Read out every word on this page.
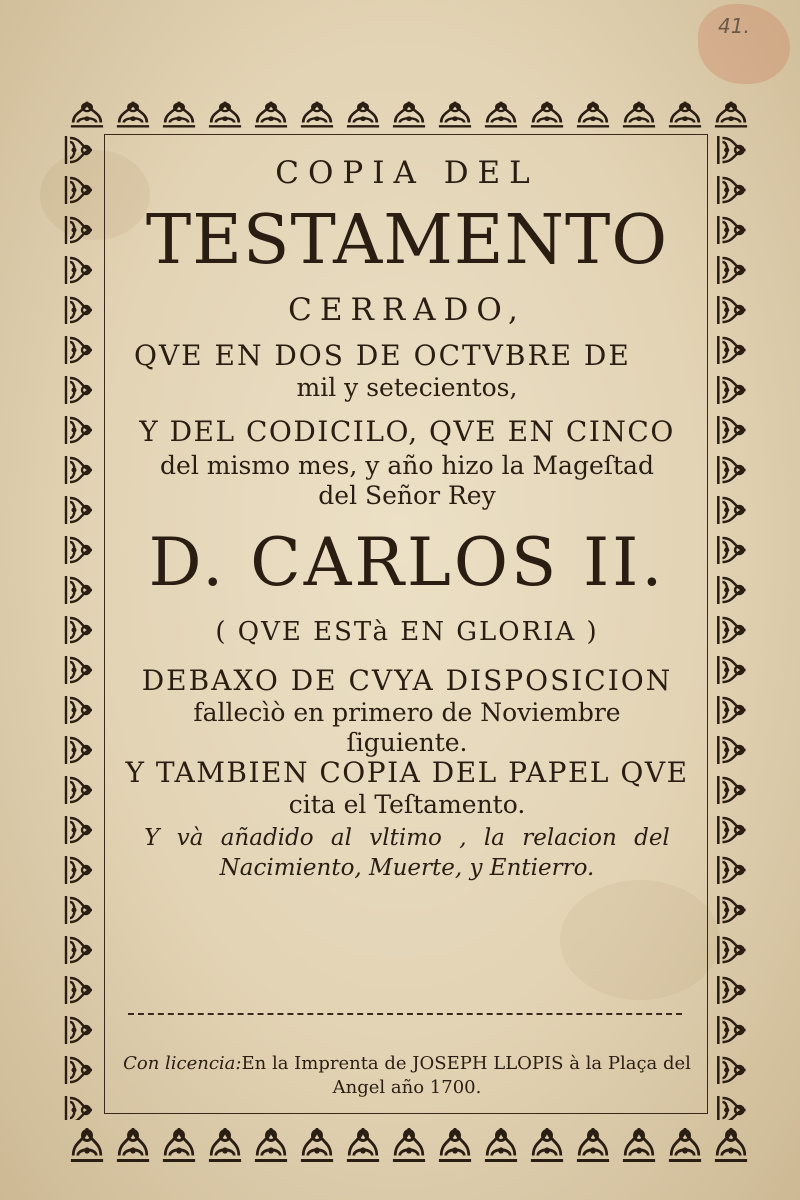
41.
COPIA DEL
TESTAMENTO
CERRADO,
QVE EN DOS DE OCTVBRE DE
mil y setecientos,
Y DEL CODICILO, QVE EN CINCO
del mismo mes, y año hizo la Mageſtad
del Señor Rey
D. CARLOS II.
( QVE ESTà EN GLORIA )
DEBAXO DE CVYA DISPOSICION
fallecìò en primero de Noviembre
ſiguiente.
Y TAMBIEN COPIA DEL PAPEL QVE
cita el Teſtamento.
Y và añadido al vltimo , la relacion del
Nacimiento, Muerte, y Entierro.
Con licencia:En la Imprenta de JOSEPH LLOPIS à la Plaça del
Angel año 1700.
